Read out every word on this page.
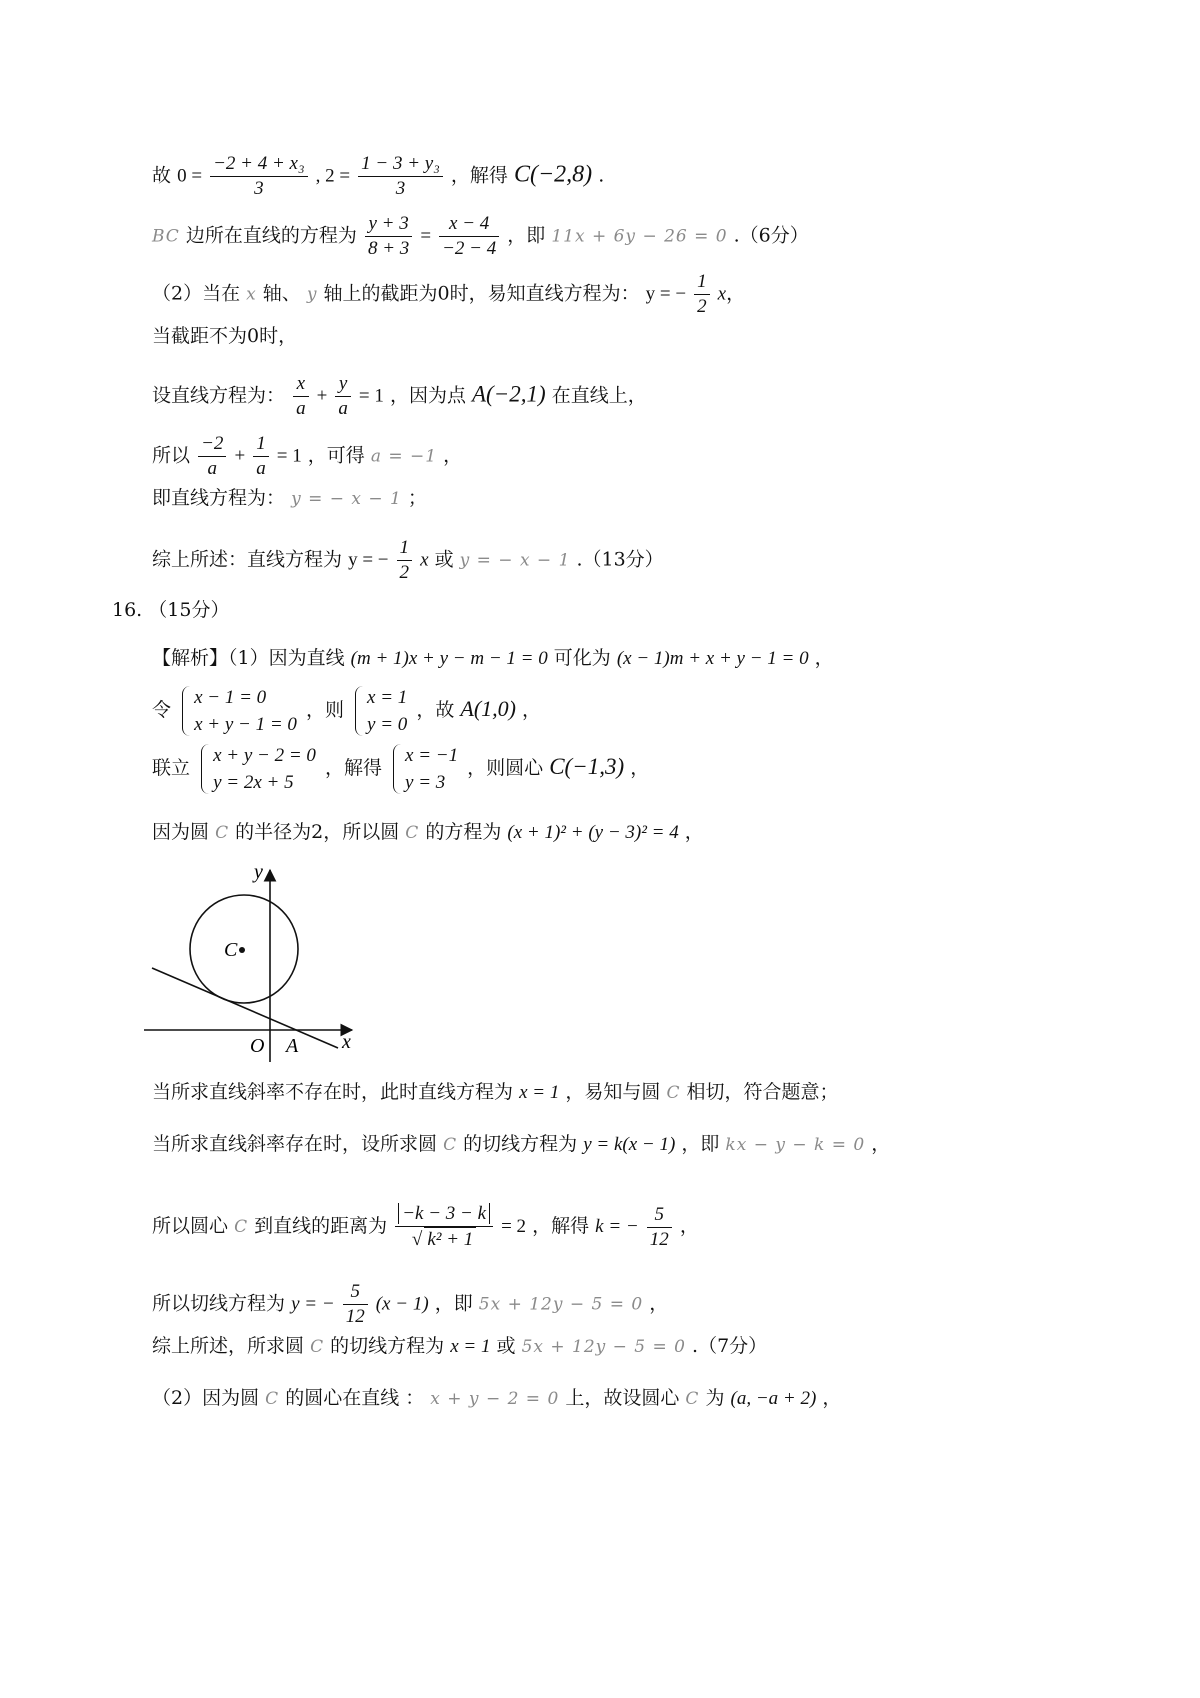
故 $0 = \frac{\text{−2 + 4 + x₃}}{3}$ , $2 = \frac{\text{1 − 3 + y₃}}{3}$ ，解得 C(−2,8) .
BC 边所在直线的方程为 $\frac{y + 3}{8 + 3} = \frac{x - 4}{-2 - 4}$ ，即 11x + 6y − 26 = 0 .（6分）
（2）当在 x 轴、 y 轴上的截距为0时，易知直线方程为： y = − $\frac{1}{2}$ x，
当截距不为0时，
设直线方程为： $\frac{x}{a} + \frac{y}{a} = 1$ ，因为点 A(−2,1) 在直线上，
所以 $\frac{-2}{a} + \frac{1}{a} = 1$ ，可得 a = −1 ，
即直线方程为： y = − x − 1 ；
综上所述：直线方程为 y = − $\frac{1}{2}$ x 或 y = − x − 1 .（13分）
16. （15分）
【解析】（1）因为直线 (m + 1)x + y − m − 1 = 0 可化为 (x − 1)m + x + y − 1 = 0 ，
令
x − 1 = 0
x + y − 1 = 0
，则
x = 1
y = 0
，故 A(1,0) ，
联立
x + y − 2 = 0
y = 2x + 5
，解得
x = −1
y = 3
，则圆心 C(−1,3) ，
因为圆 C 的半径为2，所以圆 C 的方程为 (x + 1)² + (y − 3)² = 4 ，
y
x
C
O A
当所求直线斜率不存在时，此时直线方程为 x = 1 ，易知与圆 C 相切，符合题意；
当所求直线斜率存在时，设所求圆 C 的切线方程为 y = k(x − 1) ，即 kx − y − k = 0 ，
所以圆心 C 到直线的距离为 $\frac{-k - 3 - k}{\text{√ k² + 1}} = 2$ ，解得 k = − $\frac{5}{12}$ ，
所以切线方程为 y = − $\frac{5}{12} (x - 1)$ ，即 5x + 12y − 5 = 0 ，
综上所述，所求圆 C 的切线方程为 x = 1 或 5x + 12y − 5 = 0 .（7分）
（2）因为圆 C 的圆心在直线 ： x + y − 2 = 0 上，故设圆心 C 为 (a, −a + 2) ，
